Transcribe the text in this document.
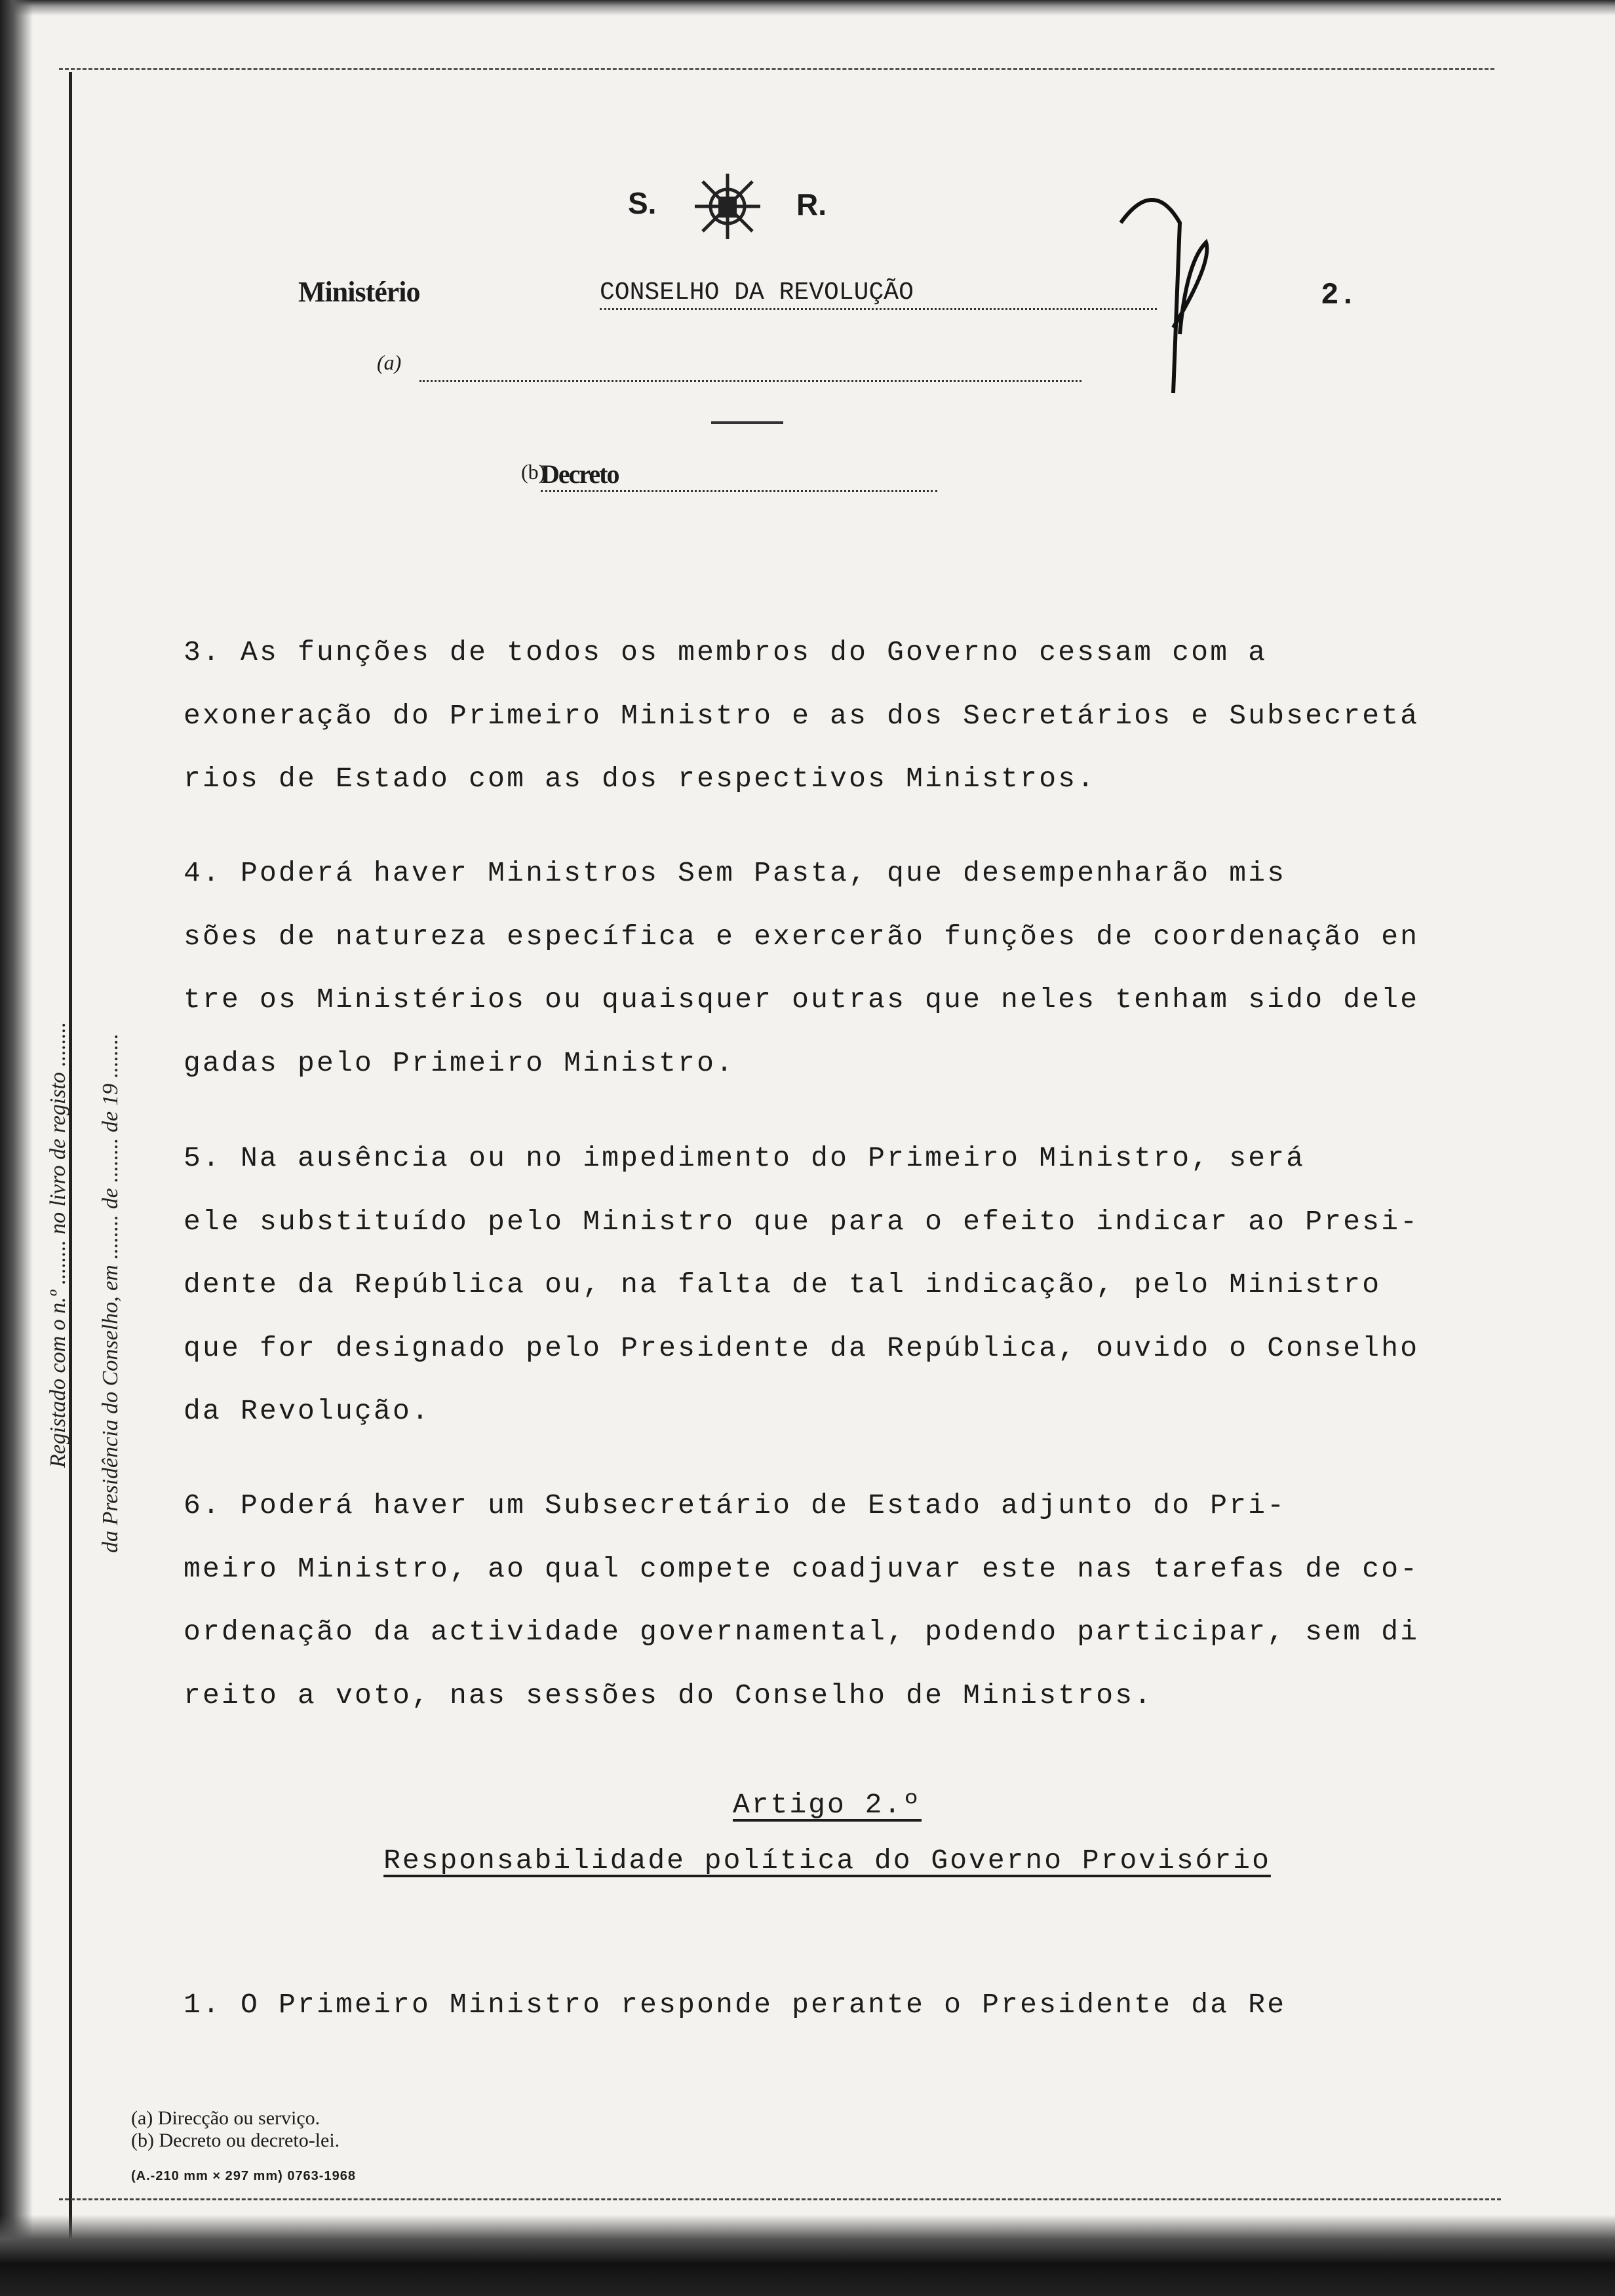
S.	R.
Ministério	CONSELHO DA REVOLUÇÃO	2.
(a)
(b)
Decreto
Registado com o n.º ........ no livro de registo ........ da Presidência do Conselho, em ........ de ........ de 19 ........

3. As funções de todos os membros do Governo cessam com a
exoneração do Primeiro Ministro e as dos Secretários e Subsecretá
rios de Estado com as dos respectivos Ministros.

4. Poderá haver Ministros Sem Pasta, que desempenharão mis
sões de natureza específica e exercerão funções de coordenação en
tre os Ministérios ou quaisquer outras que neles tenham sido dele
gadas pelo Primeiro Ministro.

5. Na ausência ou no impedimento do Primeiro Ministro, será
ele substituído pelo Ministro que para o efeito indicar ao Presi-
dente da República ou, na falta de tal indicação, pelo Ministro
que for designado pelo Presidente da República, ouvido o Conselho
da Revolução.

6. Poderá haver um Subsecretário de Estado adjunto do Pri-
meiro Ministro, ao qual compete coadjuvar este nas tarefas de co-
ordenação da actividade governamental, podendo participar, sem di
reito a voto, nas sessões do Conselho de Ministros.

Artigo 2.º
Responsabilidade política do Governo Provisório

1. O Primeiro Ministro responde perante o Presidente da Re

(a) Direcção ou serviço.
(b) Decreto ou decreto-lei.
(A.-210 mm × 297 mm) 0763-1968
